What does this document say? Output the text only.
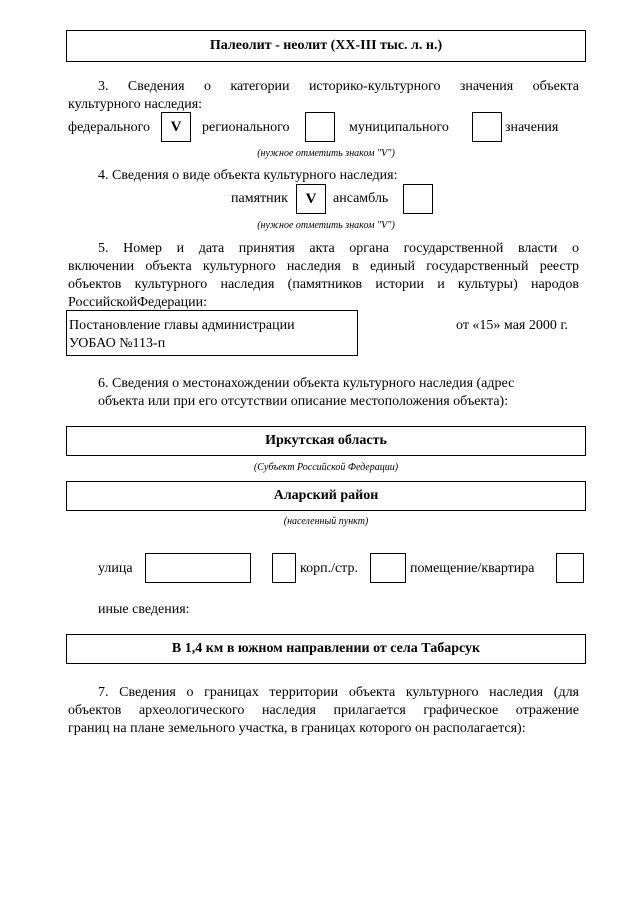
Палеолит - неолит (XX-III тыс. л. н.)
3. Сведения о категории историко-культурного значения объекта
культурного наследия:
федерального	V	регионального	муниципального	значения
(нужное отметить знаком "V")
4. Сведения о виде объекта культурного наследия:
памятник	V	ансамбль
(нужное отметить знаком "V")
5. Номер и дата принятия акта органа государственной власти о
включении объекта культурного наследия в единый государственный реестр
объектов культурного наследия (памятников истории и культуры) народов
РоссийскойФедерации:
Постановление главы администрации
УОБАО №113-п
от «15» мая 2000 г.
6. Сведения о местонахождении объекта культурного наследия (адрес
объекта или при его отсутствии описание местоположения объекта):
Иркутская область
(Субъект Российской Федерации)
Аларский район
(населенный пункт)
улица	корп./стр.	помещение/квартира
иные сведения:
В 1,4 км в южном направлении от села Табарсук
7. Сведения о границах территории объекта культурного наследия (для
объектов археологического наследия прилагается графическое отражение
границ на плане земельного участка, в границах которого он располагается):
